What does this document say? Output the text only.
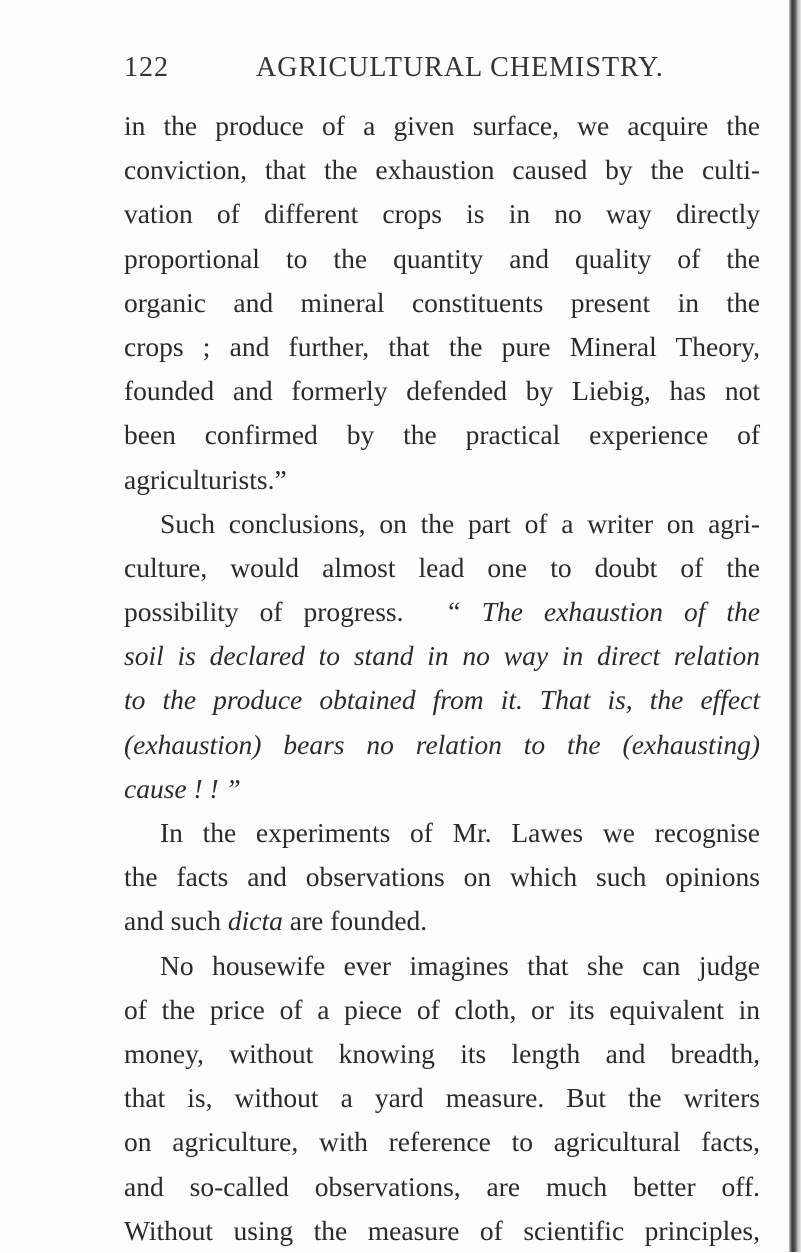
122	AGRICULTURAL CHEMISTRY.
in the produce of a given surface, we acquire the
conviction, that the exhaustion caused by the culti-
vation of different crops is in no way directly
proportional to the quantity and quality of the
organic and mineral constituents present in the
crops ; and further, that the pure Mineral Theory,
founded and formerly defended by Liebig, has not
been confirmed by the practical experience of
agriculturists.”
Such conclusions, on the part of a writer on agri-
culture, would almost lead one to doubt of the
possibility of progress. “ The exhaustion of the
soil is declared to stand in no way in direct relation
to the produce obtained from it. That is, the effect
(exhaustion) bears no relation to the (exhausting)
cause ! ! ”
In the experiments of Mr. Lawes we recognise
the facts and observations on which such opinions
and such dicta are founded.
No housewife ever imagines that she can judge
of the price of a piece of cloth, or its equivalent in
money, without knowing its length and breadth,
that is, without a yard measure. But the writers
on agriculture, with reference to agricultural facts,
and so-called observations, are much better off.
Without using the measure of scientific principles,
